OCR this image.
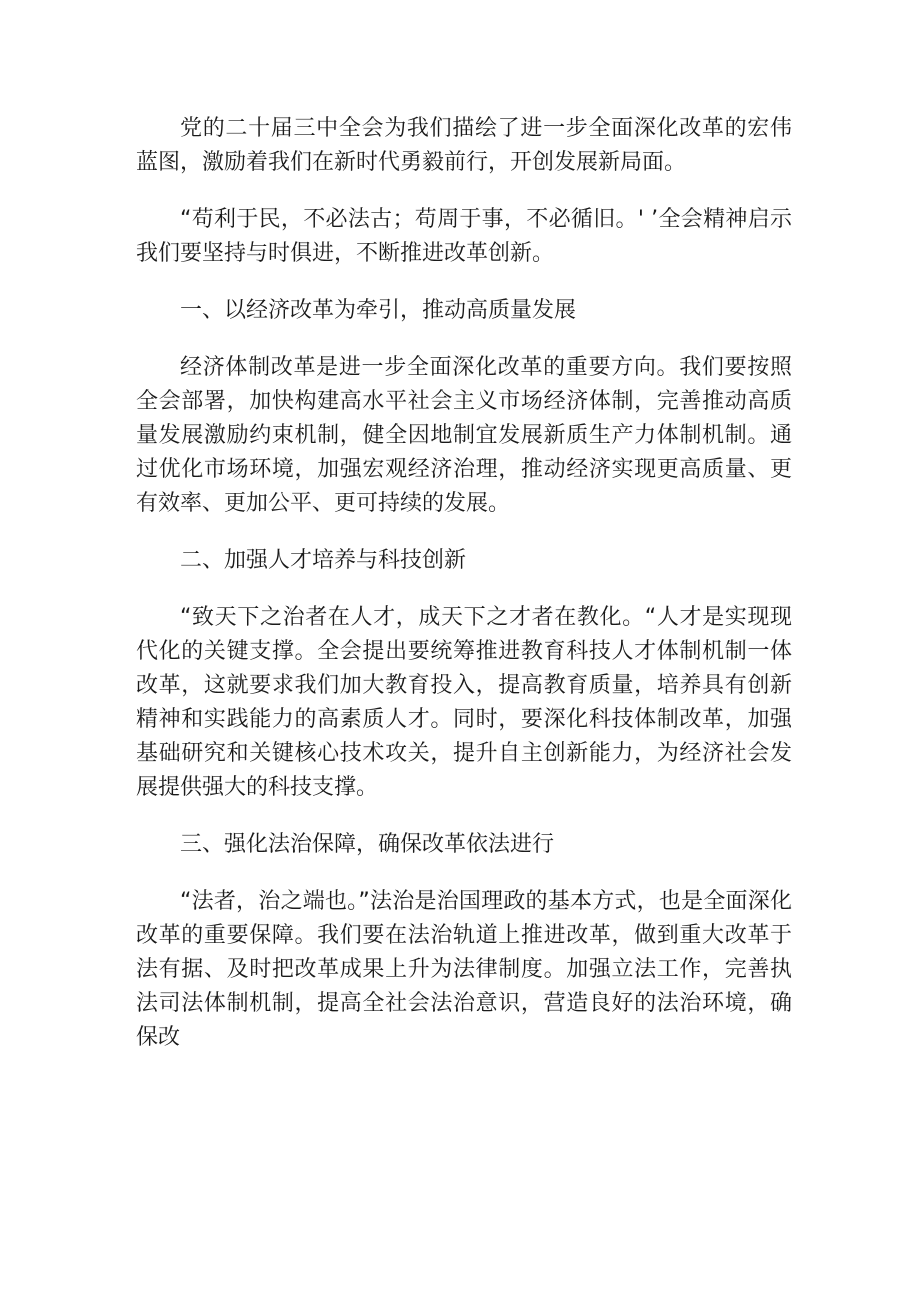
党的二十届三中全会为我们描绘了进一步全面深化改革的宏伟蓝图，激励着我们在新时代勇毅前行，开创发展新局面。

“苟利于民，不必法古；苟周于事，不必循旧。' ’全会精神启示我们要坚持与时俱进，不断推进改革创新。

一、以经济改革为牵引，推动高质量发展

经济体制改革是进一步全面深化改革的重要方向。我们要按照全会部署，加快构建高水平社会主义市场经济体制，完善推动高质量发展激励约束机制，健全因地制宜发展新质生产力体制机制。通过优化市场环境，加强宏观经济治理，推动经济实现更高质量、更有效率、更加公平、更可持续的发展。

二、加强人才培养与科技创新

“致天下之治者在人才，成天下之才者在教化。“人才是实现现代化的关键支撑。全会提出要统筹推进教育科技人才体制机制一体改革，这就要求我们加大教育投入，提高教育质量，培养具有创新精神和实践能力的高素质人才。同时，要深化科技体制改革，加强基础研究和关键核心技术攻关，提升自主创新能力，为经济社会发展提供强大的科技支撑。

三、强化法治保障，确保改革依法进行

“法者，治之端也。”法治是治国理政的基本方式，也是全面深化改革的重要保障。我们要在法治轨道上推进改革，做到重大改革于法有据、及时把改革成果上升为法律制度。加强立法工作，完善执法司法体制机制，提高全社会法治意识，营造良好的法治环境，确保改
